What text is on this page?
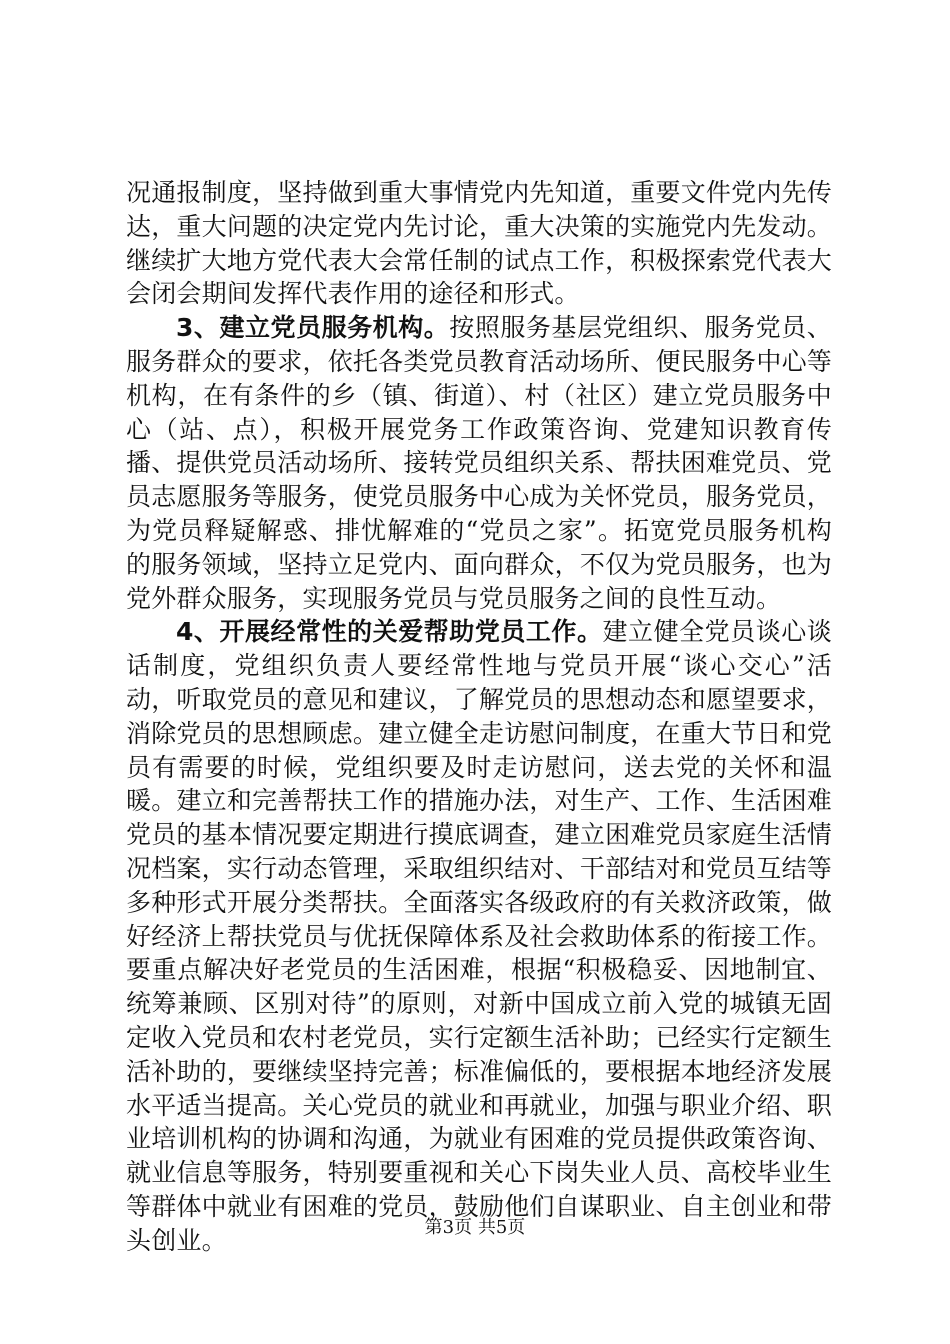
况通报制度，坚持做到重大事情党内先知道，重要文件党内先传达，重大问题的决定党内先讨论，重大决策的实施党内先发动。继续扩大地方党代表大会常任制的试点工作，积极探索党代表大会闭会期间发挥代表作用的途径和形式。

3、建立党员服务机构。按照服务基层党组织、服务党员、服务群众的要求，依托各类党员教育活动场所、便民服务中心等机构，在有条件的乡（镇、街道）、村（社区）建立党员服务中心（站、点），积极开展党务工作政策咨询、党建知识教育传播、提供党员活动场所、接转党员组织关系、帮扶困难党员、党员志愿服务等服务，使党员服务中心成为关怀党员，服务党员，为党员释疑解惑、排忧解难的“党员之家”。拓宽党员服务机构的服务领域，坚持立足党内、面向群众，不仅为党员服务，也为党外群众服务，实现服务党员与党员服务之间的良性互动。

4、开展经常性的关爱帮助党员工作。建立健全党员谈心谈话制度，党组织负责人要经常性地与党员开展“谈心交心”活动，听取党员的意见和建议，了解党员的思想动态和愿望要求，消除党员的思想顾虑。建立健全走访慰问制度，在重大节日和党员有需要的时候，党组织要及时走访慰问，送去党的关怀和温暖。建立和完善帮扶工作的措施办法，对生产、工作、生活困难党员的基本情况要定期进行摸底调查，建立困难党员家庭生活情况档案，实行动态管理，采取组织结对、干部结对和党员互结等多种形式开展分类帮扶。全面落实各级政府的有关救济政策，做好经济上帮扶党员与优抚保障体系及社会救助体系的衔接工作。要重点解决好老党员的生活困难，根据“积极稳妥、因地制宜、统筹兼顾、区别对待”的原则，对新中国成立前入党的城镇无固定收入党员和农村老党员，实行定额生活补助；已经实行定额生活补助的，要继续坚持完善；标准偏低的，要根据本地经济发展水平适当提高。关心党员的就业和再就业，加强与职业介绍、职业培训机构的协调和沟通，为就业有困难的党员提供政策咨询、就业信息等服务，特别要重视和关心下岗失业人员、高校毕业生等群体中就业有困难的党员，鼓励他们自谋职业、自主创业和带头创业。	第3页 共5页
